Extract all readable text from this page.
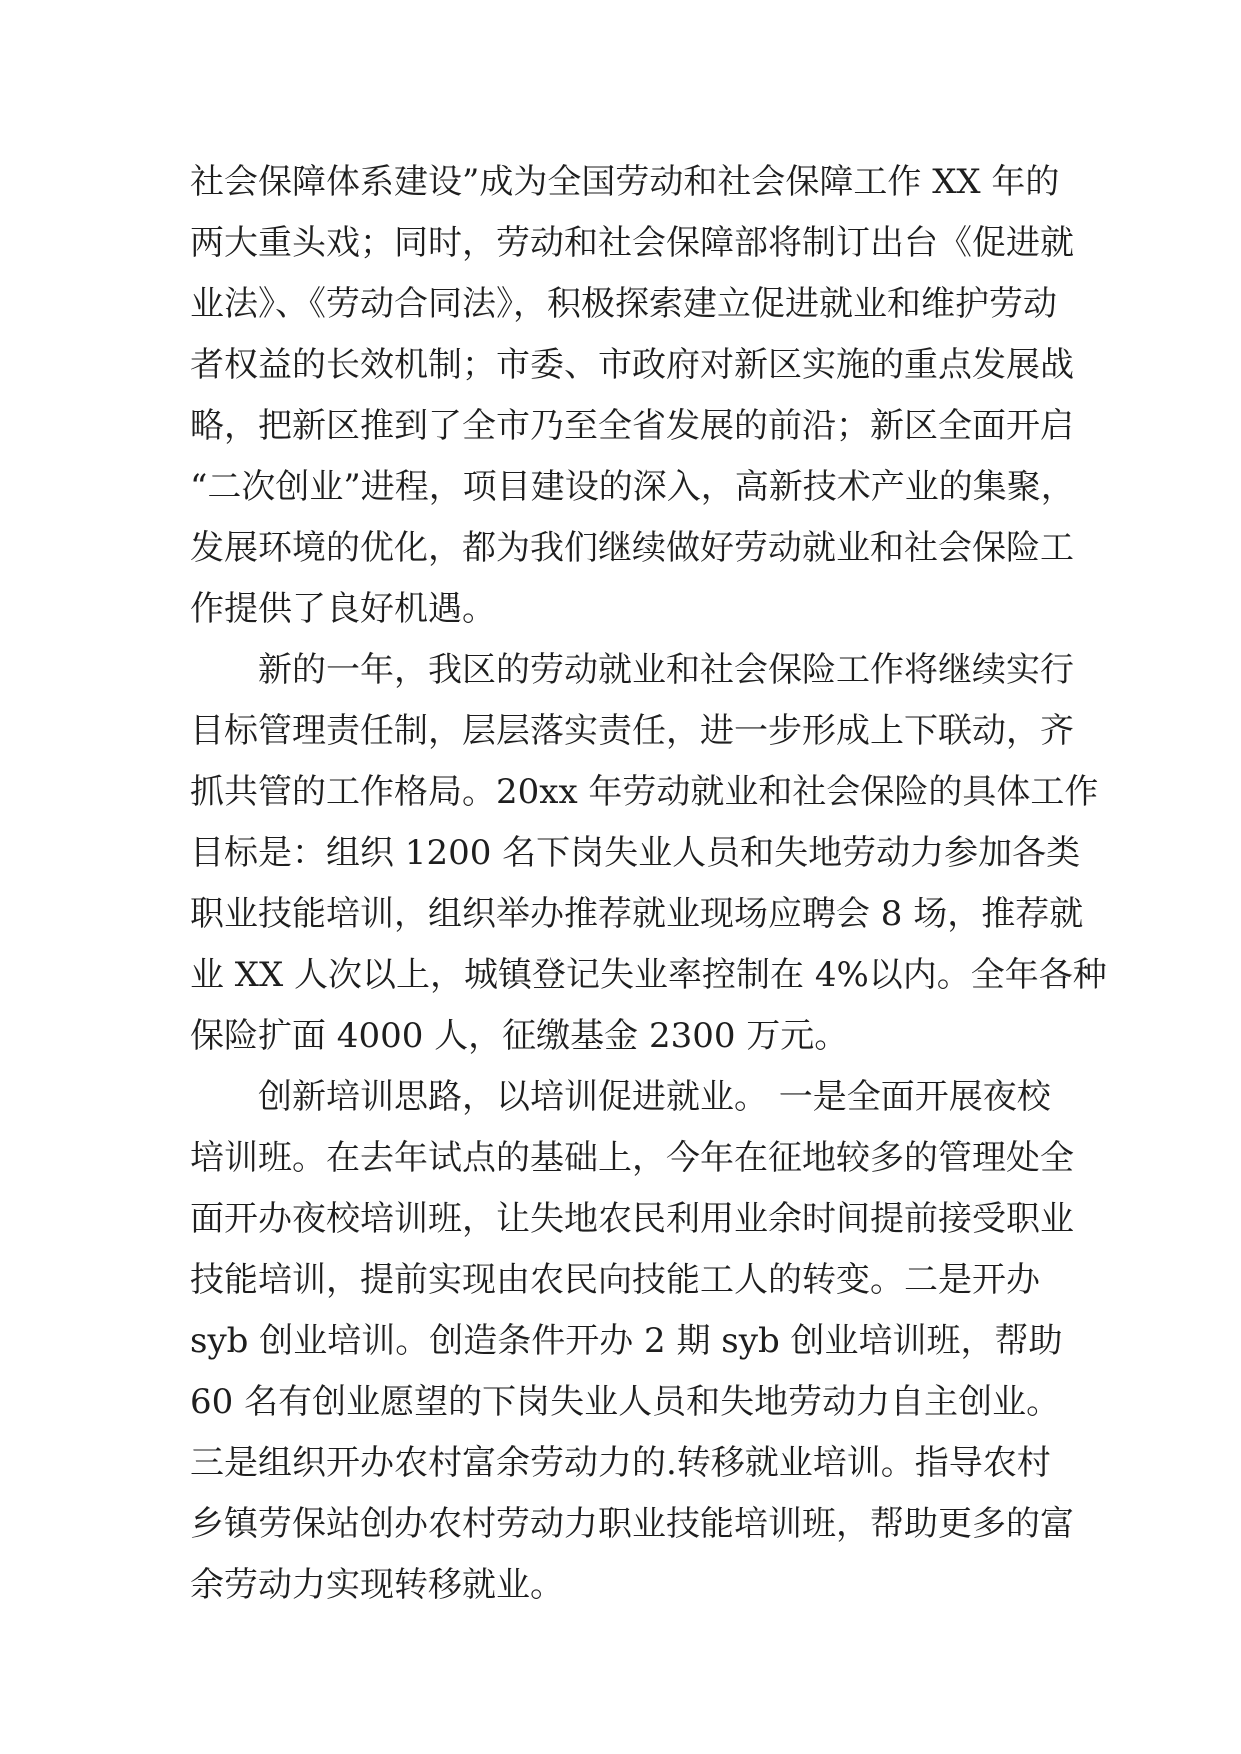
社会保障体系建设”成为全国劳动和社会保障工作 XX 年的
两大重头戏；同时，劳动和社会保障部将制订出台《促进就
业法》、《劳动合同法》，积极探索建立促进就业和维护劳动
者权益的长效机制；市委、市政府对新区实施的重点发展战
略，把新区推到了全市乃至全省发展的前沿；新区全面开启
“二次创业”进程，项目建设的深入，高新技术产业的集聚，
发展环境的优化，都为我们继续做好劳动就业和社会保险工
作提供了良好机遇。
　　新的一年，我区的劳动就业和社会保险工作将继续实行
目标管理责任制，层层落实责任，进一步形成上下联动，齐
抓共管的工作格局。20xx 年劳动就业和社会保险的具体工作
目标是：组织 1200 名下岗失业人员和失地劳动力参加各类
职业技能培训，组织举办推荐就业现场应聘会 8 场，推荐就
业 XX 人次以上，城镇登记失业率控制在 4%以内。全年各种
保险扩面 4000 人，征缴基金 2300 万元。
　　创新培训思路，以培训促进就业。 一是全面开展夜校
培训班。在去年试点的基础上，今年在征地较多的管理处全
面开办夜校培训班，让失地农民利用业余时间提前接受职业
技能培训，提前实现由农民向技能工人的转变。二是开办
syb 创业培训。创造条件开办 2 期 syb 创业培训班，帮助
60 名有创业愿望的下岗失业人员和失地劳动力自主创业。
三是组织开办农村富余劳动力的.转移就业培训。指导农村
乡镇劳保站创办农村劳动力职业技能培训班，帮助更多的富
余劳动力实现转移就业。
